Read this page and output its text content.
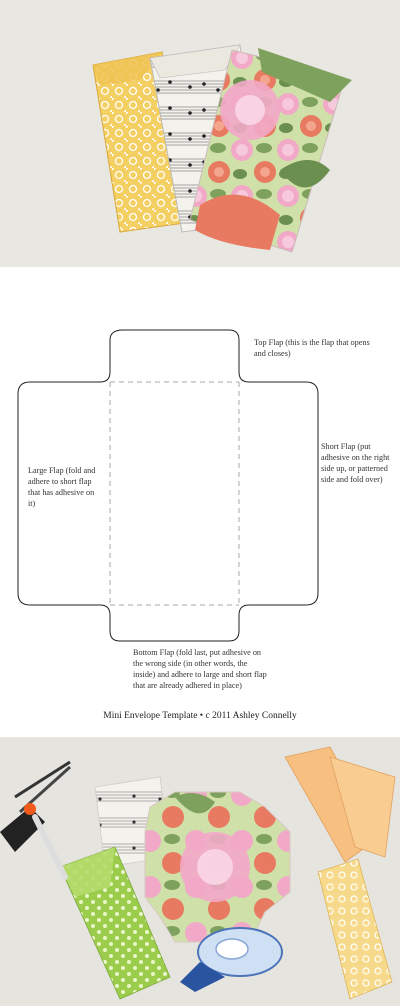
Top Flap (this is the flap that opens and closes)
Large Flap (fold and adhere to short flap that has adhesive on it)
Short Flap (put adhesive on the right side up, or patterned side and fold over)
Bottom Flap (fold last, put adhesive on the wrong side (in other words, the inside) and adhere to large and short flap that are already adhered in place)
Mini Envelope Template • c 2011 Ashley Connelly
